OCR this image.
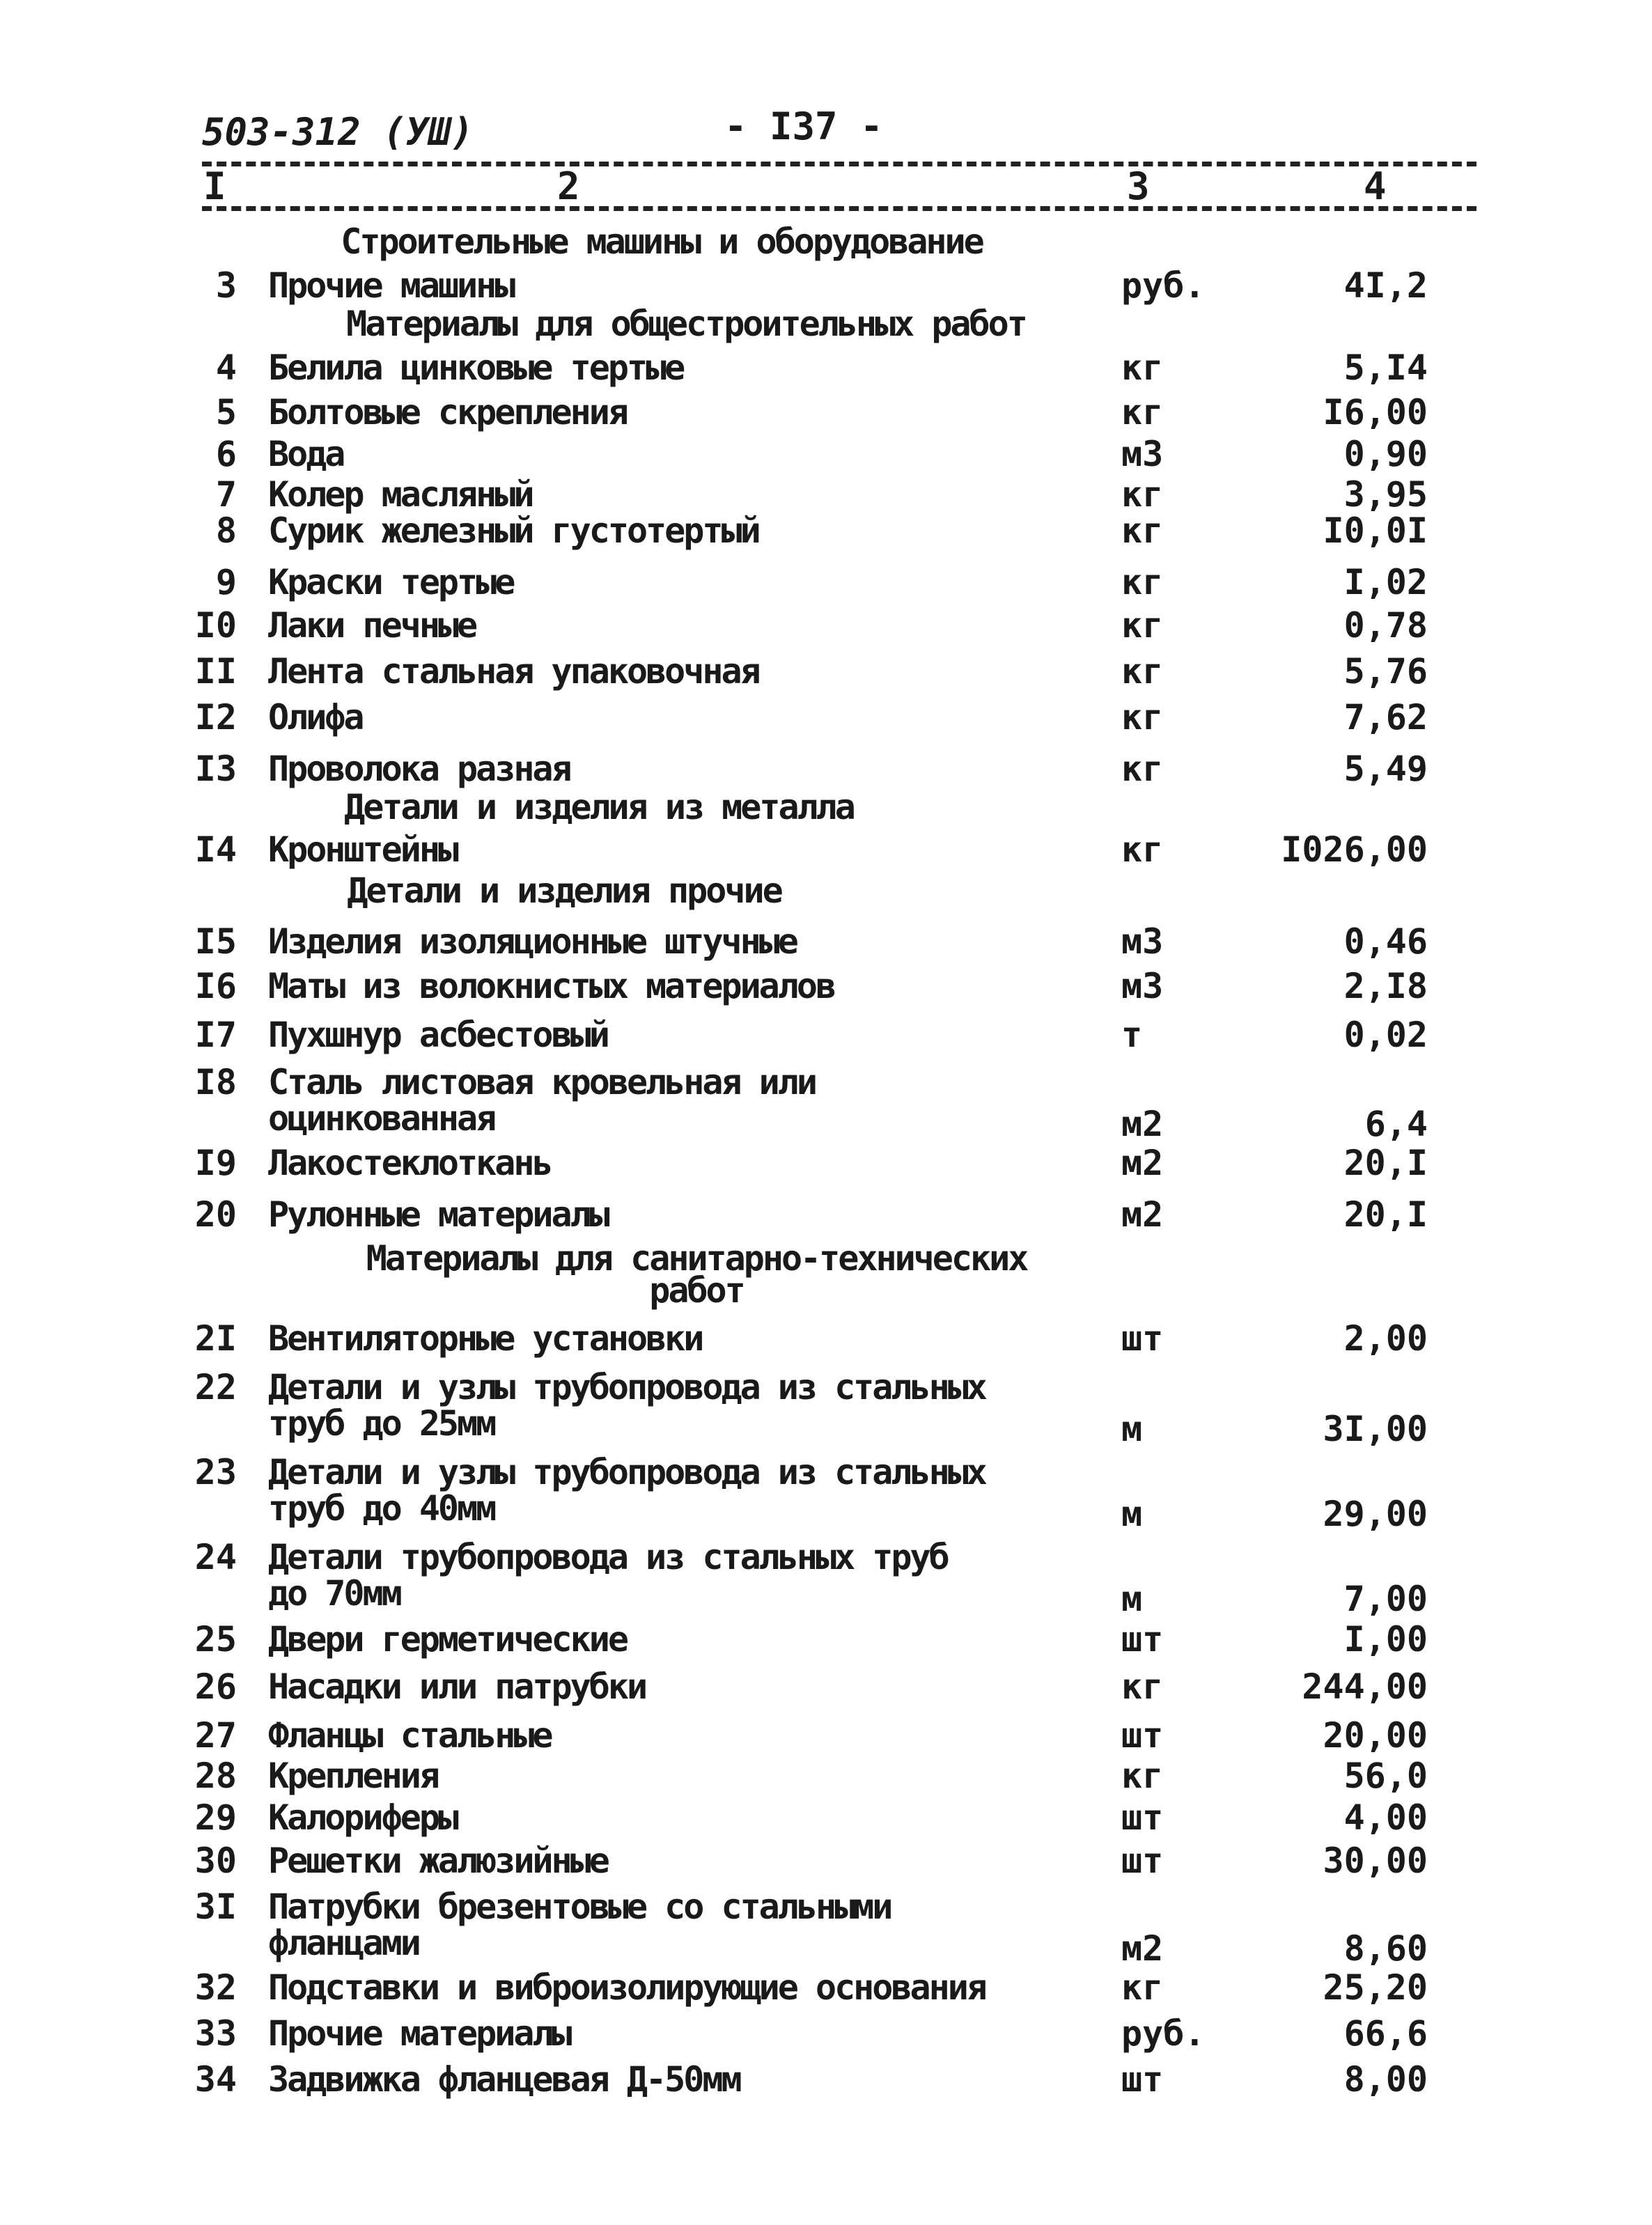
503-312 (УШ)	- I37 -
I	2	3	4
Строительные машины и оборудование
3 Прочие машины	руб.	4I,2
Материалы для общестроительных работ
4 Белила цинковые тертые	кг	5,I4
5 Болтовые скрепления	кг	I6,00
6 Вода	м3	0,90
7 Колер масляный	кг	3,95
8 Сурик железный густотертый	кг	I0,0I
9 Краски тертые	кг	I,02
I0 Лаки печные	кг	0,78
II Лента стальная упаковочная	кг	5,76
I2 Олифа	кг	7,62
I3 Проволока разная	кг	5,49
Детали и изделия из металла
I4 Кронштейны	кг	I026,00
Детали и изделия прочие
I5 Изделия изоляционные штучные	м3	0,46
I6 Маты из волокнистых материалов	м3	2,I8
I7 Пухшнур асбестовый	т	0,02
I8 Сталь листовая кровельная или
оцинкованная	м2	6,4
I9 Лакостеклоткань	м2	20,I
20 Рулонные материалы	м2	20,I
Материалы для санитарно-технических
работ
2I Вентиляторные установки	шт	2,00
22 Детали и узлы трубопровода из стальных
труб до 25мм	м	3I,00
23 Детали и узлы трубопровода из стальных
труб до 40мм	м	29,00
24 Детали трубопровода из стальных труб
до 70мм	м	7,00
25 Двери герметические	шт	I,00
26 Насадки или патрубки	кг	244,00
27 Фланцы стальные	шт	20,00
28 Крепления	кг	56,0
29 Калориферы	шт	4,00
30 Решетки жалюзийные	шт	30,00
3I Патрубки брезентовые со стальными
фланцами	м2	8,60
32 Подставки и виброизолирующие основания	кг	25,20
33 Прочие материалы	руб.	66,6
34 Задвижка фланцевая Д-50мм	шт	8,00
